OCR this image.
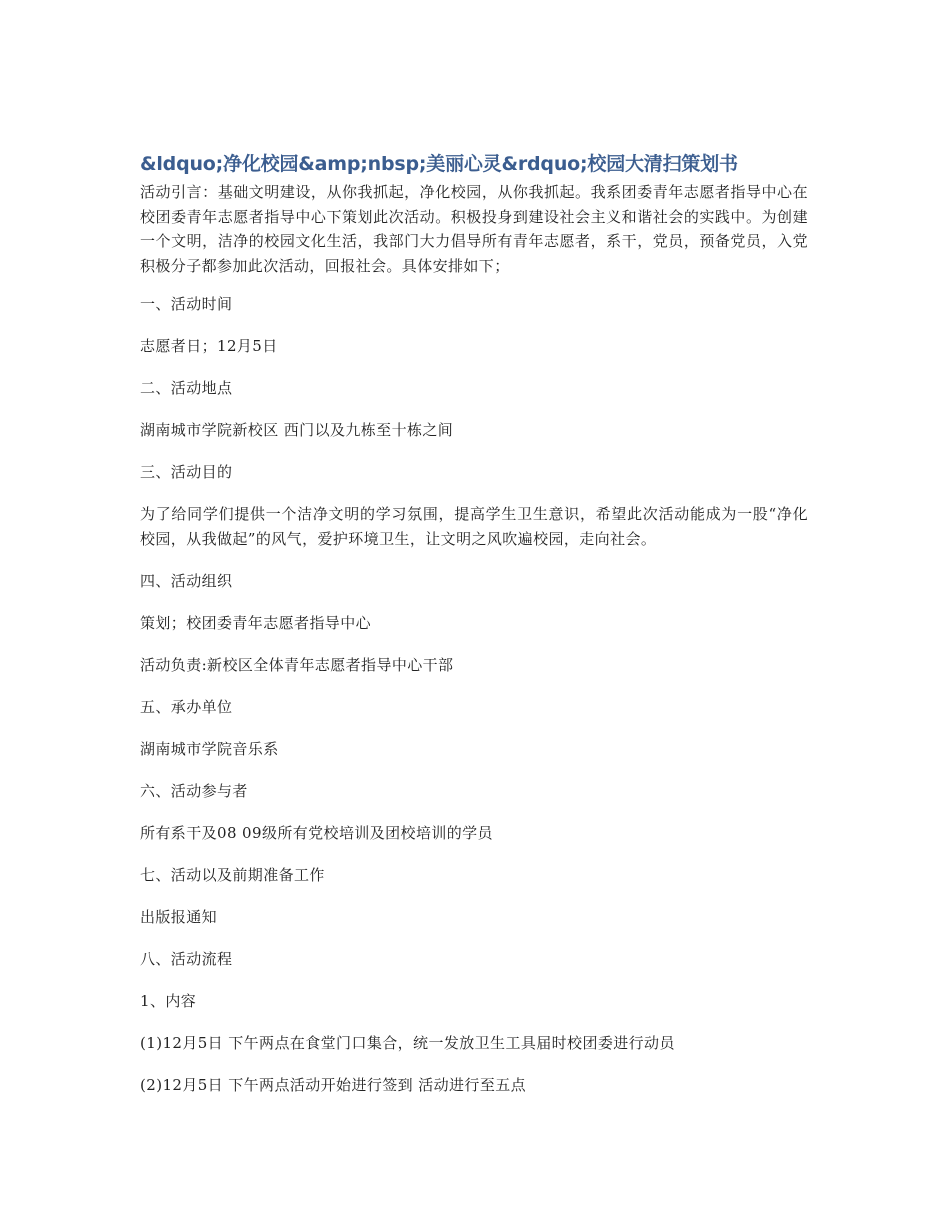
&ldquo;净化校园&amp;nbsp;美丽心灵&rdquo;校园大清扫策划书

活动引言：基础文明建设，从你我抓起，净化校园，从你我抓起。我系团委青年志愿者指导中心在校团委青年志愿者指导中心下策划此次活动。积极投身到建设社会主义和谐社会的实践中。为创建一个文明，洁净的校园文化生活，我部门大力倡导所有青年志愿者，系干，党员，预备党员，入党积极分子都参加此次活动，回报社会。具体安排如下；

一、活动时间

志愿者日；12月5日

二、活动地点

湖南城市学院新校区 西门以及九栋至十栋之间

三、活动目的

为了给同学们提供一个洁净文明的学习氛围，提高学生卫生意识，希望此次活动能成为一股“净化校园，从我做起”的风气，爱护环境卫生，让文明之风吹遍校园，走向社会。

四、活动组织

策划；校团委青年志愿者指导中心

活动负责:新校区全体青年志愿者指导中心干部

五、承办单位

湖南城市学院音乐系

六、活动参与者

所有系干及08 09级所有党校培训及团校培训的学员

七、活动以及前期准备工作

出版报通知

八、活动流程

1、内容

(1)12月5日 下午两点在食堂门口集合，统一发放卫生工具届时校团委进行动员

(2)12月5日 下午两点活动开始进行签到 活动进行至五点
